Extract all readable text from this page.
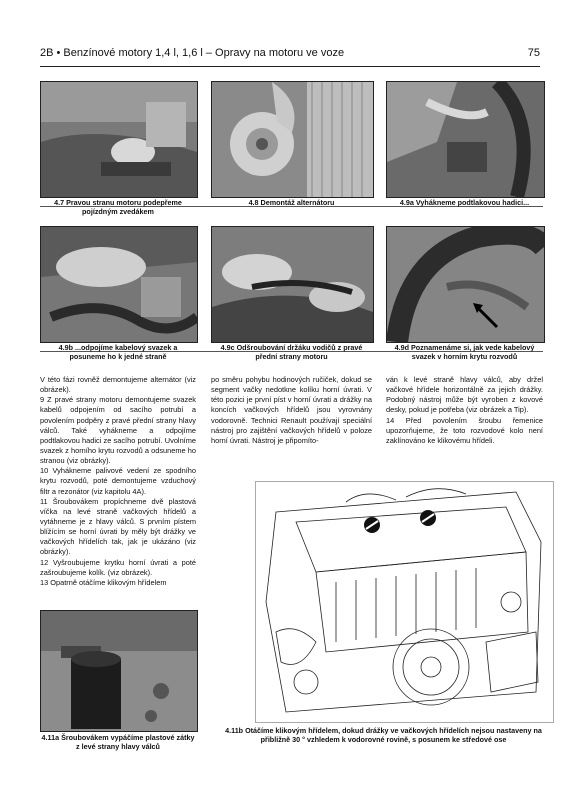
2B • Benzínové motory 1,4 l, 1,6 l – Opravy na motoru ve voze	75
4.7 Pravou stranu motoru podepřeme pojízdným zvedákem
4.8 Demontáž alternátoru	4.9a Vyhákneme podtlakovou hadici...
4.9b ...odpojíme kabelový svazek a posuneme ho k jedné straně
4.9c Odšroubování držáku vodičů z pravé přední strany motoru
4.9d Poznamenáme si, jak vede kabelový svazek v horním krytu rozvodů

V této fázi rovněž demontujeme alternátor (viz obrázek).

9 Z pravé strany motoru demontujeme svazek kabelů odpojením od sacího potrubí a povolením podpěry z pravé přední strany hlavy válců. Také vyhákneme a odpojíme podtlakovou hadici ze sacího potrubí. Uvolníme svazek z horního krytu rozvodů a odsuneme ho stranou (viz obrázky).

10 Vyhákneme palivové vedení ze spodního krytu rozvodů, poté demontujeme vzduchový filtr a rezonátor (viz kapitolu 4A).

11 Šroubovákem propíchneme dvě plastová víčka na levé straně vačkových hřídelů a vytáhneme je z hlavy válců. S prvním pístem blížícím se horní úvrati by měly být drážky ve vačkových hřídelích tak, jak je ukázáno (viz obrázky).

12 Vyšroubujeme krytku horní úvrati a poté zašroubujeme kolík. (viz obrázek).

13 Opatrně otáčíme klikovým hřídelem

po směru pohybu hodinových ručiček, dokud se segment vačky nedotkne kolíku horní úvrati. V této pozici je první píst v horní úvrati a drážky na koncích vačkových hřídelů jsou vyrovnány vodorovně. Technici Renault používají speciální nástroj pro zajištění vačkových hřídelů v poloze horní úvrati. Nástroj je připomíto-

ván k levé straně hlavy válců, aby držel vačkové hřídele horizontálně za jejich drážky. Podobný nástroj může být vyroben z kovové desky, pokud je potřeba (viz obrázek a Tip).

14 Před povolením šroubu řemenice upozorňujeme, že toto rozvodové kolo není zaklínováno ke klikovému hřídeli.

4.11a Šroubovákem vypáčíme plastové zátky z levé strany hlavy válců
4.11b Otáčíme klikovým hřídelem, dokud drážky ve vačkových hřídelích nejsou nastaveny na přibližně 30 ° vzhledem k vodorovné rovině, s posunem ke středové ose
